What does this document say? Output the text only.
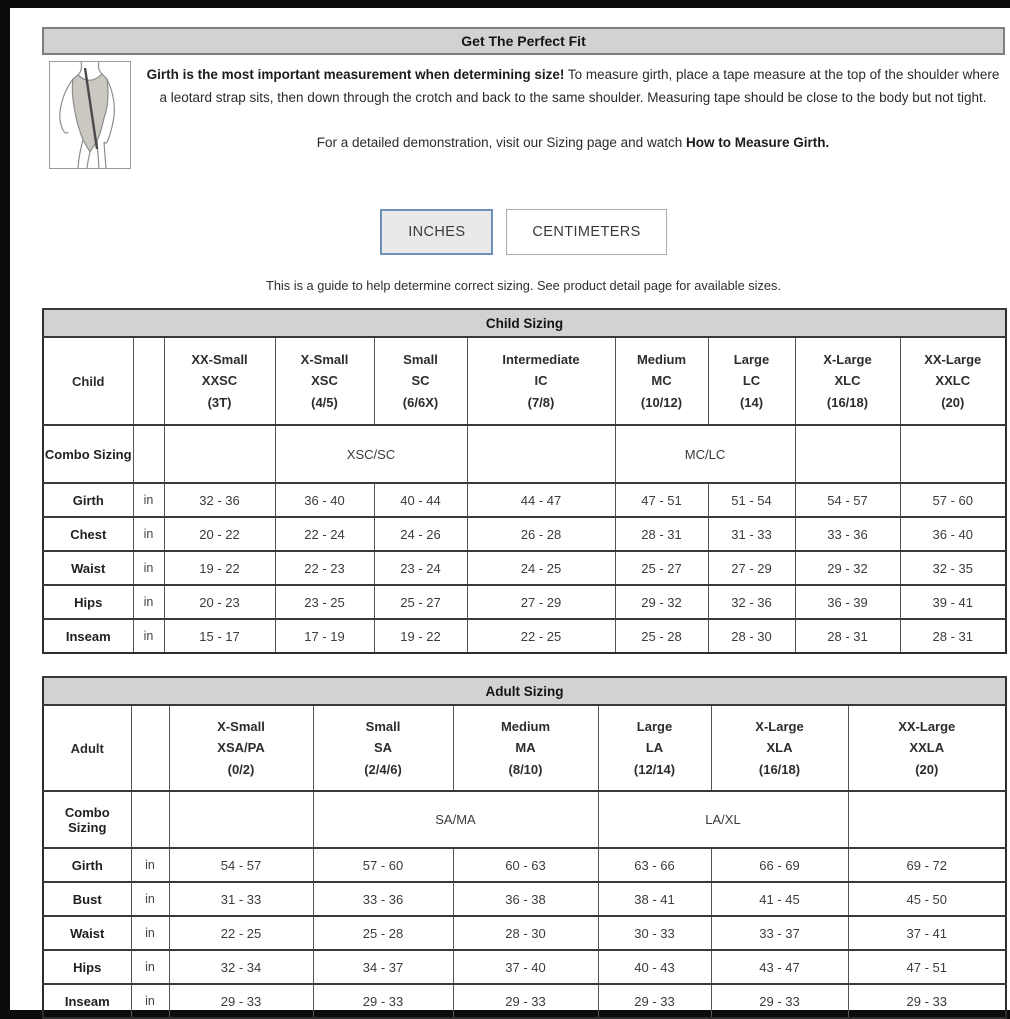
Get The Perfect Fit
Girth is the most important measurement when determining size! To measure girth, place a tape measure at the top of the shoulder where a leotard strap sits, then down through the crotch and back to the same shoulder. Measuring tape should be close to the body but not tight.
For a detailed demonstration, visit our Sizing page and watch How to Measure Girth.
INCHES	CENTIMETERS
This is a guide to help determine correct sizing. See product detail page for available sizes.
Child Sizing									
Child		XX-Small
XXSC
(3T)	X-Small
XSC
(4/5)	Small
SC
(6/6X)	Intermediate
IC
(7/8)	Medium
MC
(10/12)	Large
LC
(14)	X-Large
XLC
(16/18)	XX-Large
XXLC
(20)

Combo Sizing			XSC/SC			MC/LC			
Girth	in	32 - 36	36 - 40	40 - 44	44 - 47	47 - 51	51 - 54	54 - 57	57 - 60
Chest	in	20 - 22	22 - 24	24 - 26	26 - 28	28 - 31	31 - 33	33 - 36	36 - 40
Waist	in	19 - 22	22 - 23	23 - 24	24 - 25	25 - 27	27 - 29	29 - 32	32 - 35
Hips	in	20 - 23	23 - 25	25 - 27	27 - 29	29 - 32	32 - 36	36 - 39	39 - 41
Inseam	in	15 - 17	17 - 19	19 - 22	22 - 25	25 - 28	28 - 30	28 - 31	28 - 31
Adult Sizing							
Adult		X-Small
XSA/PA
(0/2)	Small
SA
(2/4/6)	Medium
MA
(8/10)	Large
LA
(12/14)	X-Large
XLA
(16/18)	XX-Large
XXLA
(20)

Combo Sizing			SA/MA		LA/XL		
Girth	in	54 - 57	57 - 60	60 - 63	63 - 66	66 - 69	69 - 72
Bust	in	31 - 33	33 - 36	36 - 38	38 - 41	41 - 45	45 - 50
Waist	in	22 - 25	25 - 28	28 - 30	30 - 33	33 - 37	37 - 41
Hips	in	32 - 34	34 - 37	37 - 40	40 - 43	43 - 47	47 - 51
Inseam	in	29 - 33	29 - 33	29 - 33	29 - 33	29 - 33	29 - 33
